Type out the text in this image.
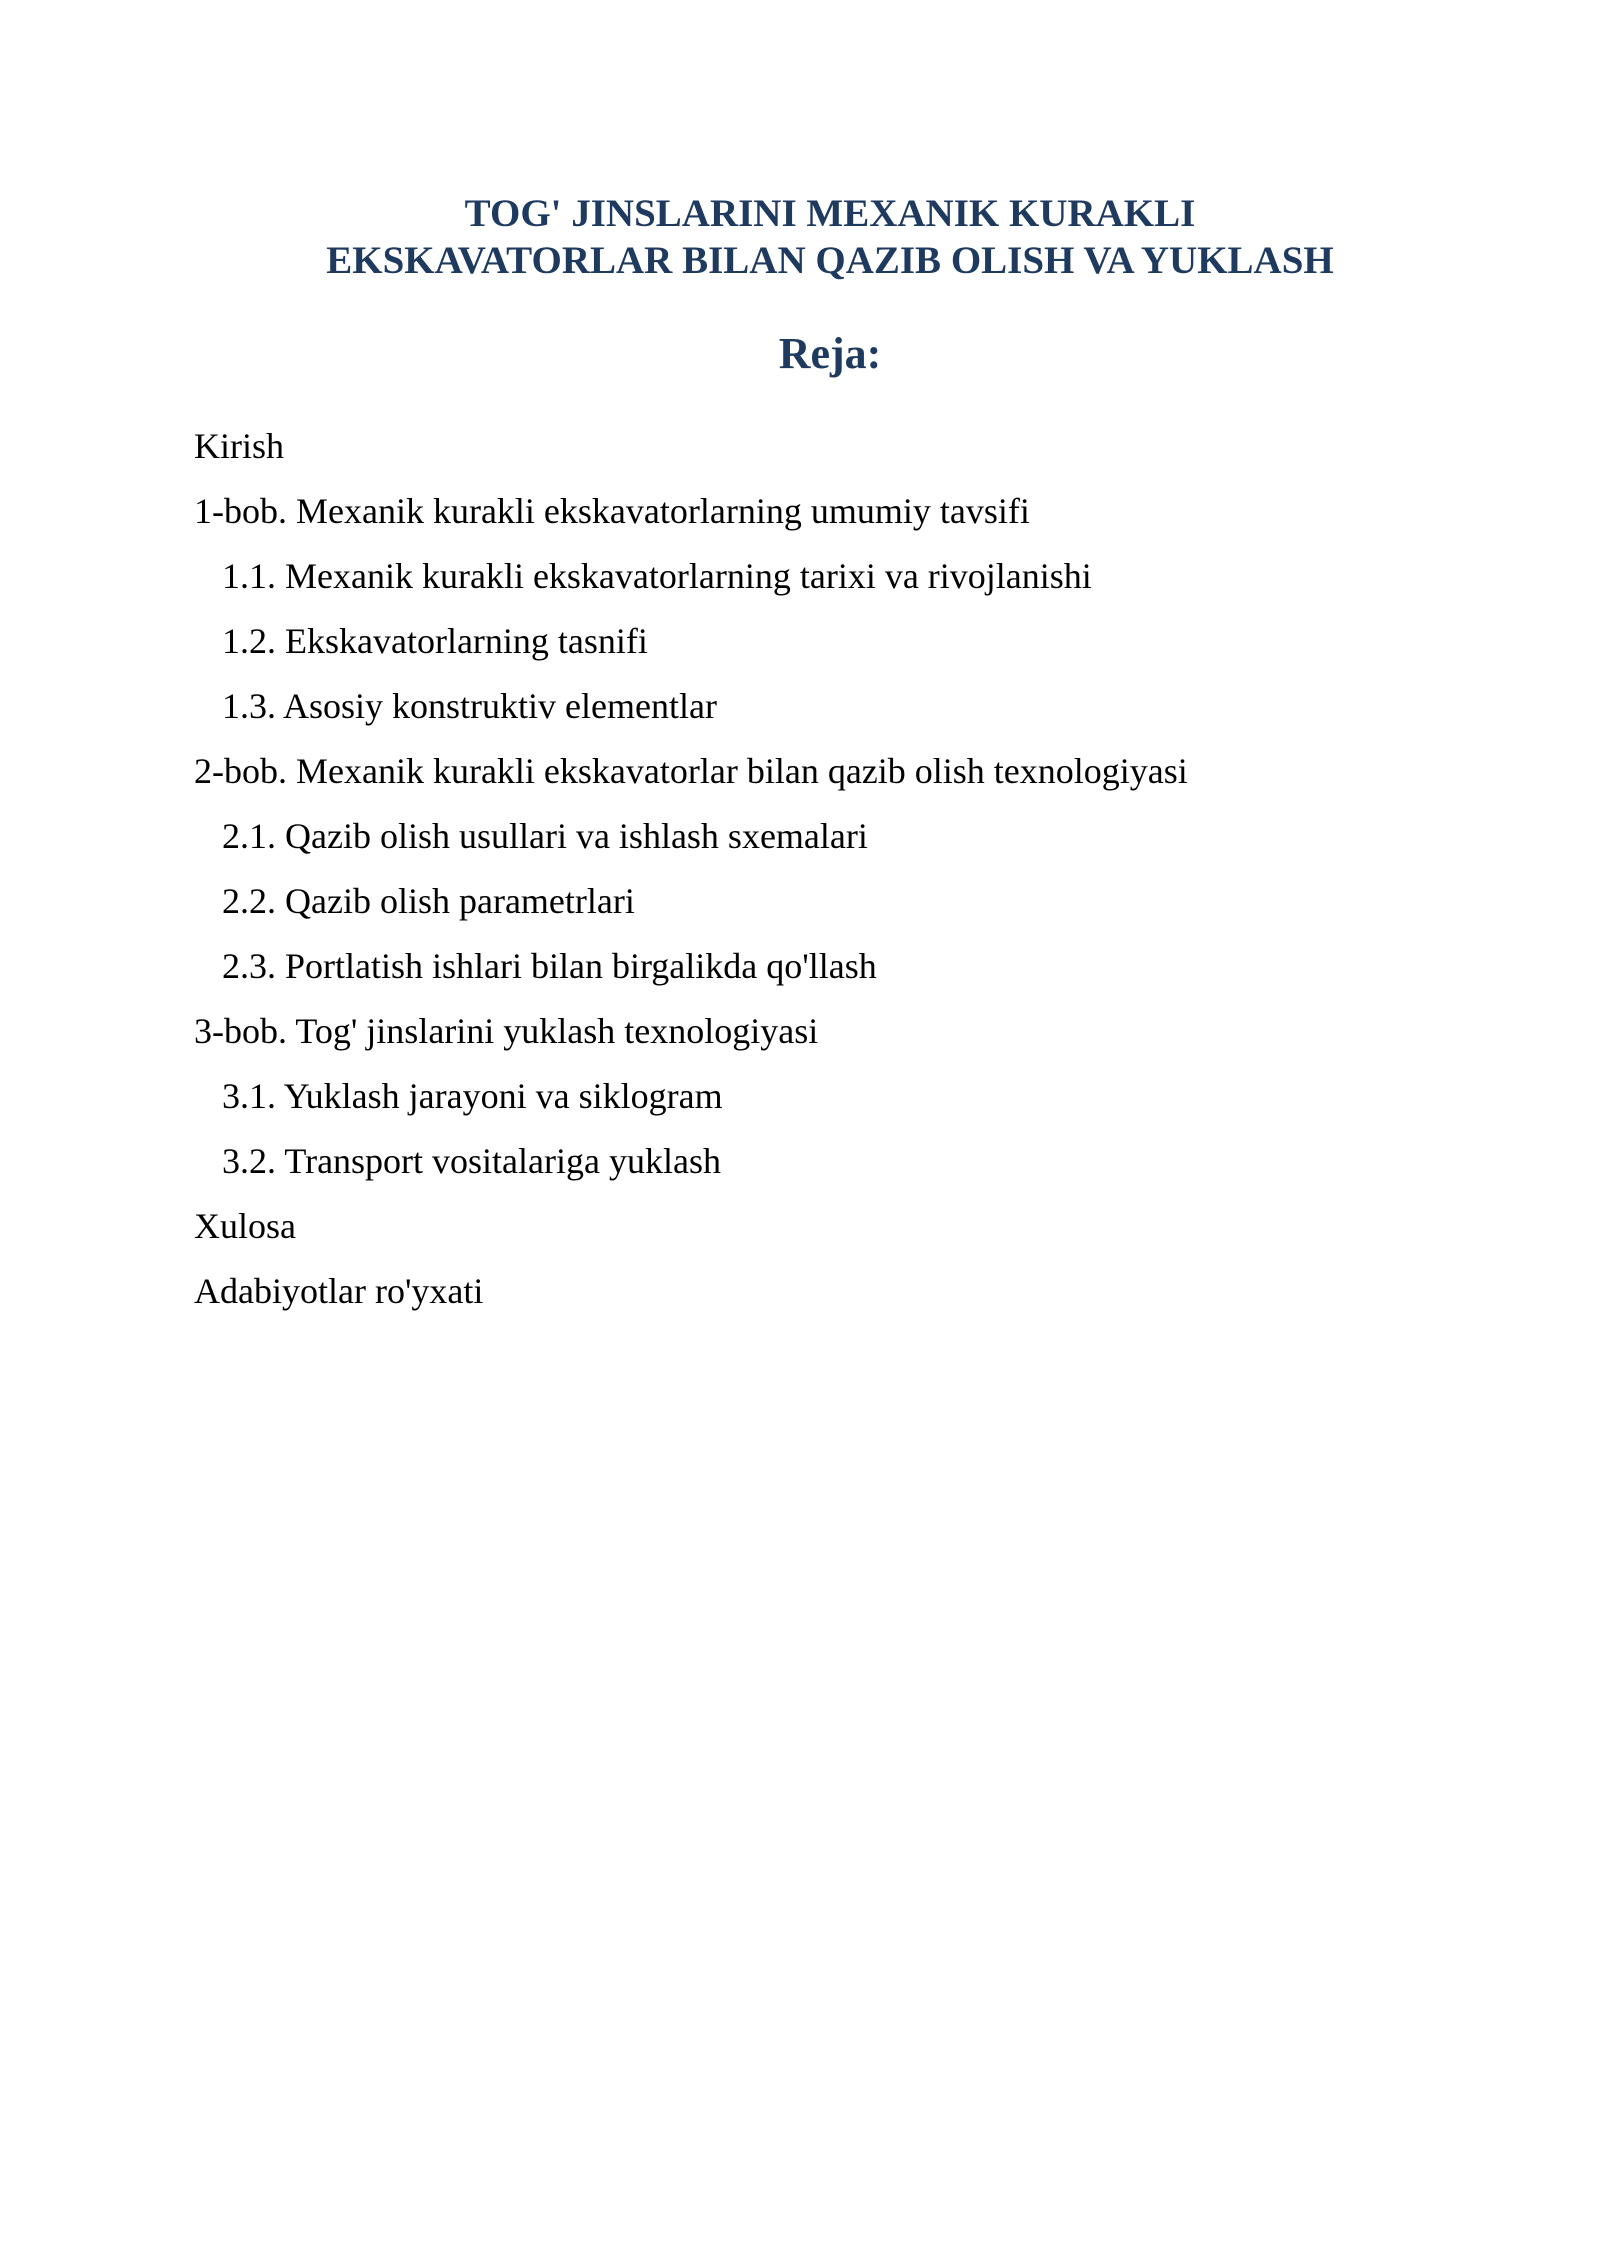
TOG' JINSLARINI MEXANIK KURAKLI
EKSKAVATORLAR BILAN QAZIB OLISH VA YUKLASH
Reja:
Kirish
1-bob. Mexanik kurakli ekskavatorlarning umumiy tavsifi
1.1. Mexanik kurakli ekskavatorlarning tarixi va rivojlanishi
1.2. Ekskavatorlarning tasnifi
1.3. Asosiy konstruktiv elementlar
2-bob. Mexanik kurakli ekskavatorlar bilan qazib olish texnologiyasi
2.1. Qazib olish usullari va ishlash sxemalari
2.2. Qazib olish parametrlari
2.3. Portlatish ishlari bilan birgalikda qo'llash
3-bob. Tog' jinslarini yuklash texnologiyasi
3.1. Yuklash jarayoni va siklogram
3.2. Transport vositalariga yuklash
Xulosa
Adabiyotlar ro'yxati
